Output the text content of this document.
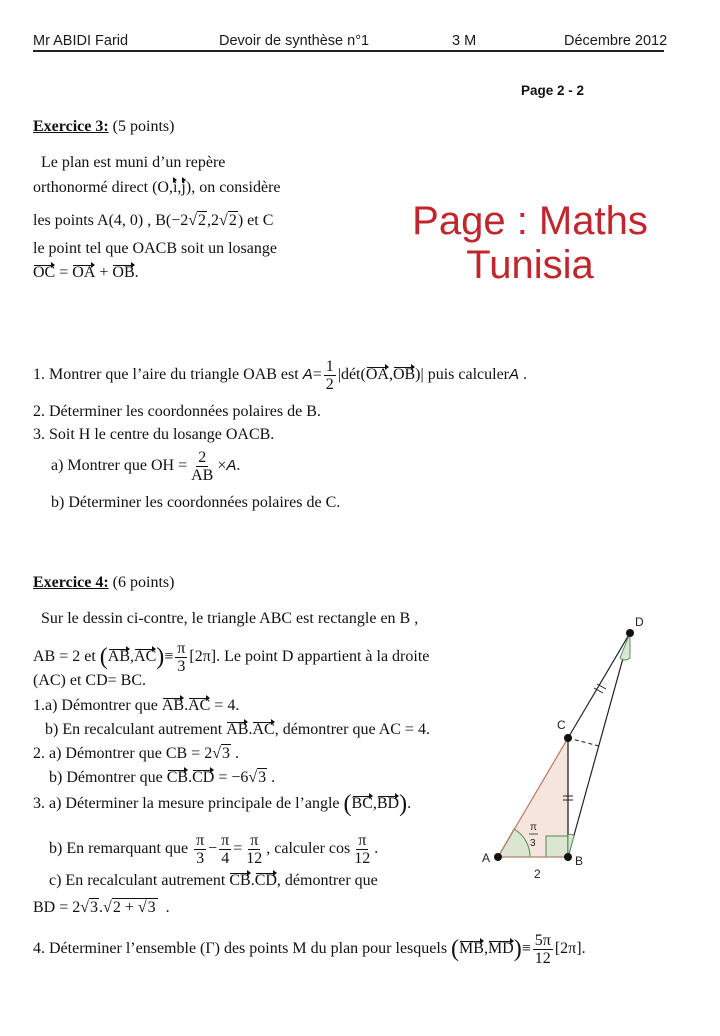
Mr ABIDI Farid	Devoir de synthèse n°1	3 M	Décembre 2012
Page 2 - 2
Page : Maths
Tunisia
Exercice 3: (5 points)
Le plan est muni d’un repère
orthonormé direct (O,i,j), on considère
les points A(4, 0) , B(−2√2,2√2) et C
le point tel que OACB soit un losange
OC = OA + OB.
1. Montrer que l’aire du triangle OAB est $A= \frac{1}{2}$ |dét(OA,OB)| puis calculerA .
2. Déterminer les coordonnées polaires de B.
3. Soit H le centre du losange OACB.
a) Montrer que OH = $\frac{2}{AB} \times A$.
b) Déterminer les coordonnées polaires de C.
Exercice 4: (6 points)
Sur le dessin ci-contre, le triangle ABC est rectangle en B ,
AB = 2 et $(AB,AC)\equiv \frac{\pi}{3} [2\pi]$. Le point D appartient à la droite
(AC) et CD= BC.
1.a) Démontrer que AB.AC = 4.
b) En recalculant autrement AB.AC, démontrer que AC = 4.
2. a) Démontrer que CB = 2√3 .
b) Démontrer que CB.CD = −6√3 .
3. a) Déterminer la mesure principale de l’angle (BC,BD).
b) En remarquant que $\frac{\pi}{3} - \frac{\pi}{4} = \frac{\pi}{12}$ , calculer $\cos \frac{\pi}{12}$ .
c) En recalculant autrement CB.CD, démontrer que
BD = 2√3.√2 + √3 .
4. Déterminer l’ensemble (Γ) des points M du plan pour lesquels $(MB,MD)\equiv \frac{5\pi}{12} [2\pi]$.
A	B
C
D
2
π
3
